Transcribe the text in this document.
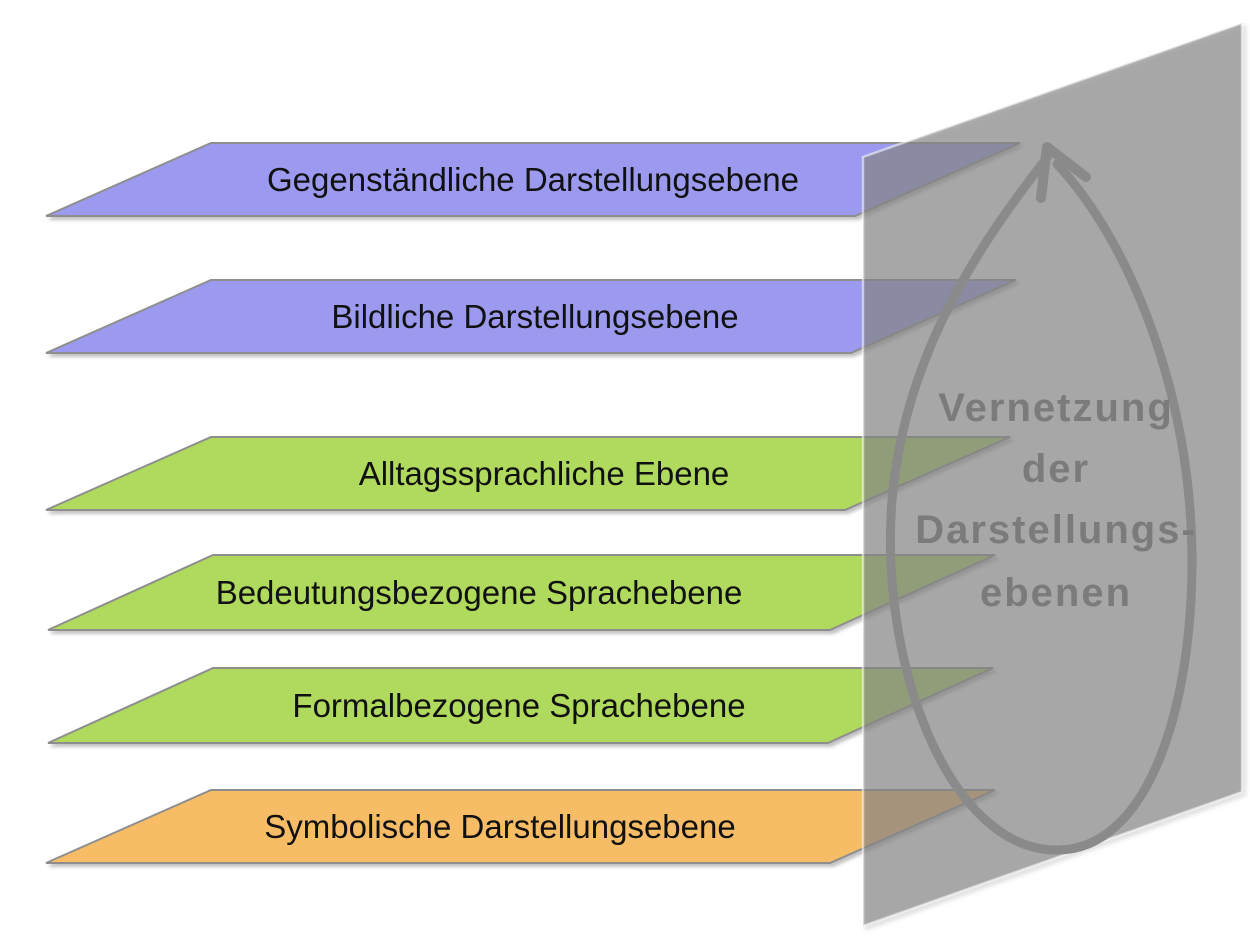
Gegenständliche Darstellungsebene
Bildliche Darstellungsebene
Alltagssprachliche Ebene
Bedeutungsbezogene Sprachebene
Formalbezogene Sprachebene
Symbolische Darstellungsebene
Vernetzung
der
Darstellungs-
ebenen
